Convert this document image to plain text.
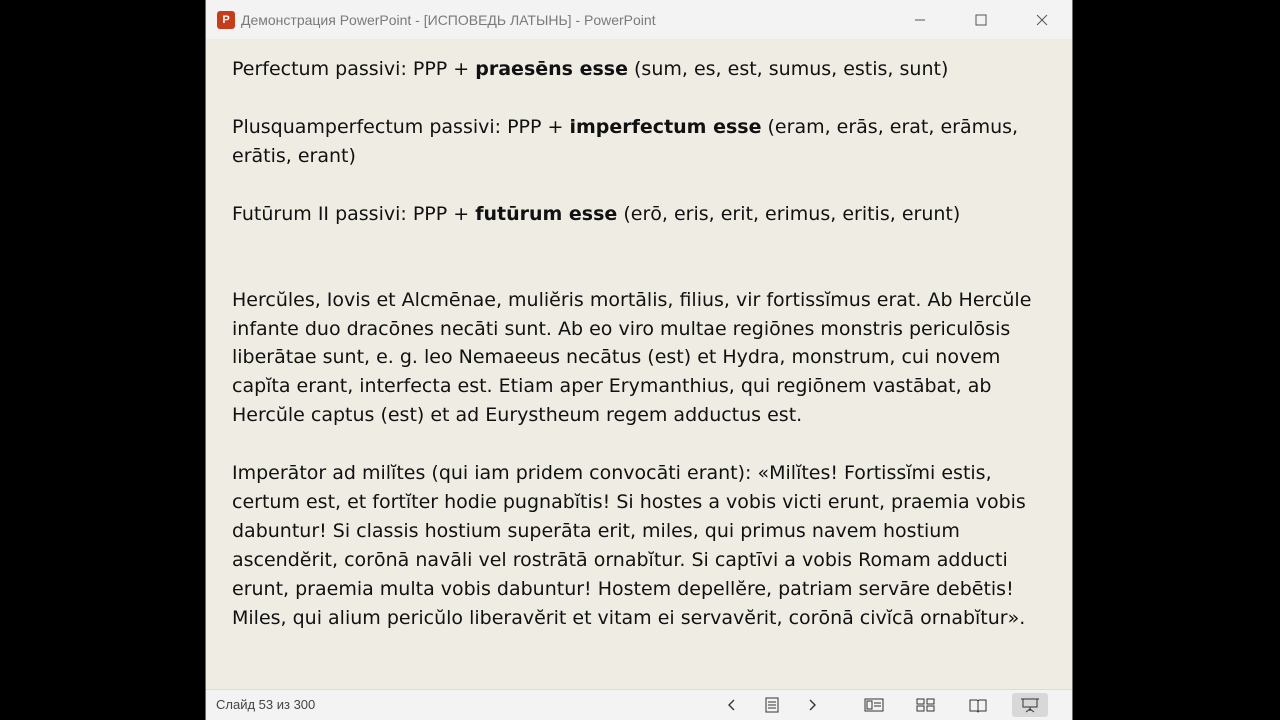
P Демонстрация PowerPoint - [ИСПОВЕДЬ ЛАТЫНЬ] - PowerPoint

Perfectum passivi: PPP + praesēns esse (sum, es, est, sumus, estis, sunt)

Plusquamperfectum passivi: PPP + imperfectum esse (eram, erās, erat, erāmus, erātis, erant)

Futūrum II passivi: PPP + futūrum esse (erō, eris, erit, erimus, eritis, erunt)

Hercŭles, Iovis et Alcmēnae, muliĕris mortālis, filius, vir fortissĭmus erat. Ab Hercŭle infante duo dracōnes necāti sunt. Ab eo viro multae regiōnes monstris periculōsis liberātae sunt, e. g. leo Nemaeeus necātus (est) et Hydra, monstrum, cui novem capĭta erant, interfecta est. Etiam aper Erymanthius, qui regiōnem vastābat, ab Hercŭle captus (est) et ad Eurystheum regem adductus est.

Imperātor ad milĭtes (qui iam pridem convocāti erant): «Milĭtes! Fortissĭmi estis, certum est, et fortĭter hodie pugnabĭtis! Si hostes a vobis victi erunt, praemia vobis dabuntur! Si classis hostium superāta erit, miles, qui primus navem hostium ascendĕrit, corōnā navāli vel rostrātā ornabĭtur. Si captīvi a vobis Romam adducti erunt, praemia multa vobis dabuntur! Hostem depellĕre, patriam servāre debētis! Miles, qui alium pericŭlo liberavĕrit et vitam ei servavĕrit, corōnā civĭcā ornabĭtur».

Слайд 53 из 300
